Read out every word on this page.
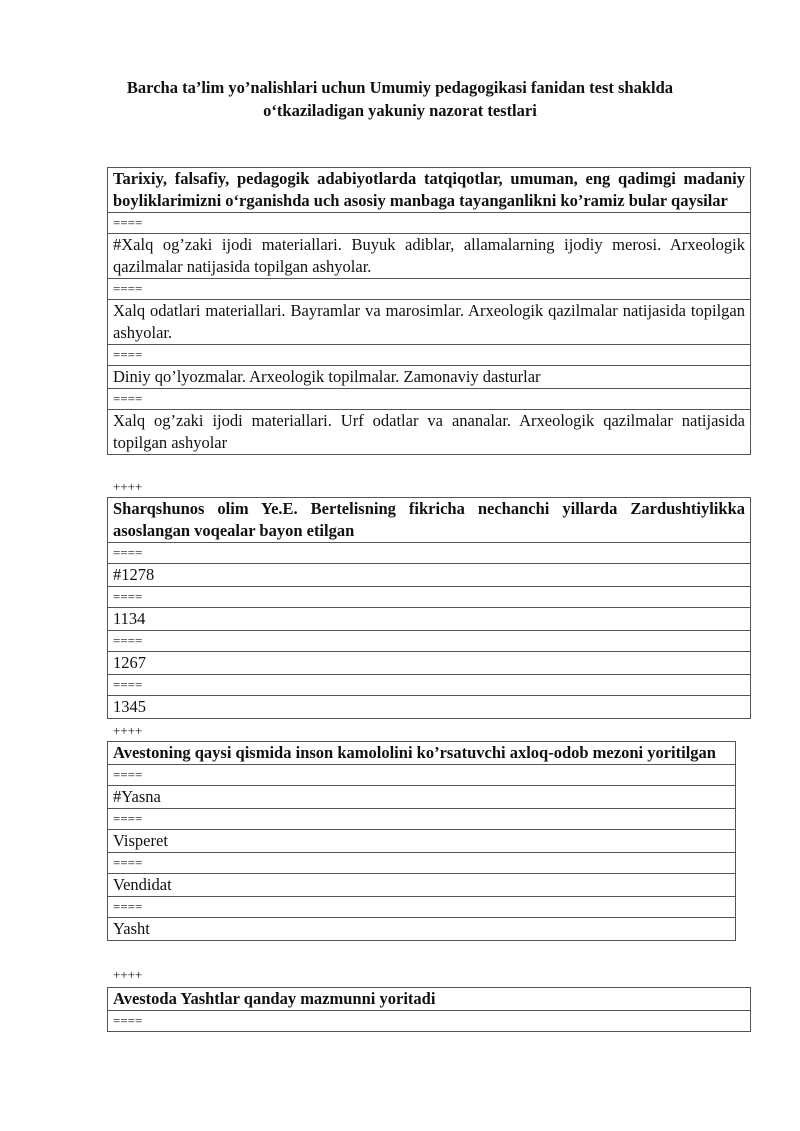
Barcha ta’lim yo’nalishlari uchun Umumiy pedagogikasi fanidan test shaklda
o‘tkaziladigan yakuniy nazorat testlari
Tarixiy, falsafiy, pedagogik adabiyotlarda tatqiqotlar, umuman, eng qadimgi madaniy boyliklarimizni o‘rganishda uch asosiy manbaga tayanganlikni ko’ramiz bular qaysilar
====
#Xalq og’zaki ijodi materiallari. Buyuk adiblar, allamalarning ijodiy merosi. Arxeologik qazilmalar natijasida topilgan ashyolar.
====
Xalq odatlari materiallari. Bayramlar va marosimlar. Arxeologik qazilmalar natijasida topilgan ashyolar.
====
Diniy qo’lyozmalar. Arxeologik topilmalar. Zamonaviy dasturlar
====
Xalq og’zaki ijodi materiallari. Urf odatlar va ananalar. Arxeologik qazilmalar natijasida topilgan ashyolar
++++
Sharqshunos olim Ye.E. Bertelisning fikricha nechanchi yillarda Zardushtiylikka asoslangan voqealar bayon etilgan
====
#1278
====
1134
====
1267
====
1345
++++
Avestoning qaysi qismida inson kamololini ko’rsatuvchi axloq-odob mezoni yoritilgan
====
#Yasna
====
Visperet
====
Vendidat
====
Yasht
++++
Avestoda Yashtlar qanday mazmunni yoritadi
====
